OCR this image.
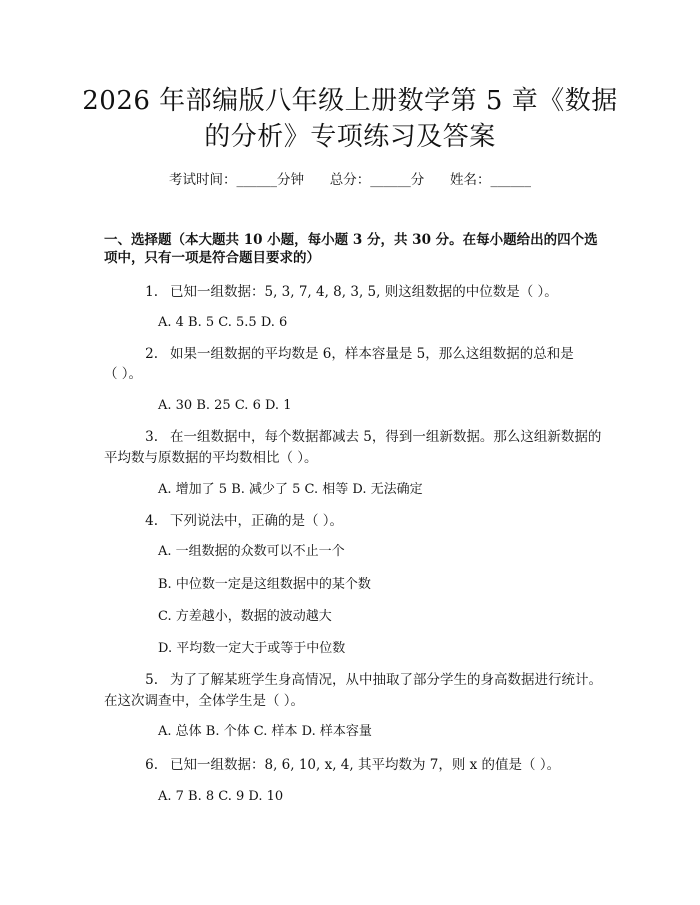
2026 年部编版八年级上册数学第 5 章《数据
的分析》专项练习及答案
考试时间：______分钟      总分：______分      姓名：______
一、选择题（本大题共 10 小题，每小题 3 分，共 30 分。在每小题给出的四个选
项中，只有一项是符合题目要求的）
1. 已知一组数据：5, 3, 7, 4, 8, 3, 5, 则这组数据的中位数是（ ）。
A. 4 B. 5 C. 5.5 D. 6
2. 如果一组数据的平均数是 6，样本容量是 5，那么这组数据的总和是
（ ）。
A. 30 B. 25 C. 6 D. 1
3. 在一组数据中，每个数据都减去 5，得到一组新数据。那么这组新数据的
平均数与原数据的平均数相比（ ）。
A. 增加了 5 B. 减少了 5 C. 相等 D. 无法确定
4. 下列说法中，正确的是（ ）。
A. 一组数据的众数可以不止一个
B. 中位数一定是这组数据中的某个数
C. 方差越小，数据的波动越大
D. 平均数一定大于或等于中位数
5. 为了了解某班学生身高情况，从中抽取了部分学生的身高数据进行统计。
在这次调查中，全体学生是（ ）。
A. 总体 B. 个体 C. 样本 D. 样本容量
6. 已知一组数据：8, 6, 10, x, 4, 其平均数为 7，则 x 的值是（ ）。
A. 7 B. 8 C. 9 D. 10
